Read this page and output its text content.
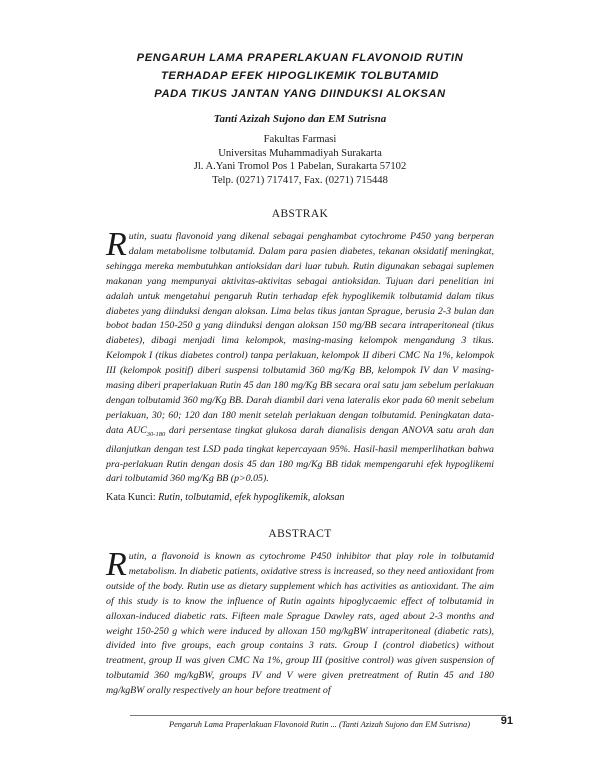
PENGARUH LAMA PRAPERLAKUAN FLAVONOID RUTIN
TERHADAP EFEK HIPOGLIKEMIK TOLBUTAMID
PADA TIKUS JANTAN YANG DIINDUKSI ALOKSAN
Tanti Azizah Sujono dan EM Sutrisna
Fakultas Farmasi
Universitas Muhammadiyah Surakarta
Jl. A.Yani Tromol Pos 1 Pabelan, Surakarta 57102
Telp. (0271) 717417, Fax. (0271) 715448
ABSTRAK

Rutin, suatu flavonoid yang dikenal sebagai penghambat cytochrome P450 yang berperan dalam metabolisme tolbutamid. Dalam para pasien diabetes, tekanan oksidatif meningkat, sehingga mereka membutuhkan antioksidan dari luar tubuh. Rutin digunakan sebagai suplemen makanan yang mempunyai aktivitas-aktivitas sebagai antioksidan. Tujuan dari penelitian ini adalah untuk mengetahui pengaruh Rutin terhadap efek hypoglikemik tolbutamid dalam tikus diabetes yang diinduksi dengan aloksan. Lima belas tikus jantan Sprague, berusia 2-3 bulan dan bobot badan 150-250 g yang diinduksi dengan aloksan 150 mg/BB secara intraperitoneal (tikus diabetes), dibagi menjadi lima kelompok, masing-masing kelompok mengandung 3 tikus. Kelompok I (tikus diabetes control) tanpa perlakuan, kelompok II diberi CMC Na 1%, kelompok III (kelompok positif) diberi suspensi tolbutamid 360 mg/Kg BB, kelompok IV dan V masing-masing diberi praperlakuan Rutin 45 dan 180 mg/Kg BB secara oral satu jam sebelum perlakuan dengan tolbutamid 360 mg/Kg BB. Darah diambil dari vena lateralis ekor pada 60 menit sebelum perlakuan, 30; 60; 120 dan 180 menit setelah perlakuan dengan tolbutamid. Peningkatan data-data $AUC_{30-180}$ dari persentase tingkat glukosa darah dianalisis dengan ANOVA satu arah dan dilanjutkan dengan test LSD pada tingkat kepercayaan 95%. Hasil-hasil memperlihatkan bahwa pra-perlakuan Rutin dengan dosis 45 dan 180 mg/Kg BB tidak mempengaruhi efek hypoglikemi dari tolbutamid 360 mg/Kg BB (p>0.05).

Kata Kunci: Rutin, tolbutamid, efek hypoglikemik, aloksan
ABSTRACT

Rutin, a flavonoid is known as cytochrome P450 inhibitor that play role in tolbutamid metabolism. In diabetic patients, oxidative stress is increased, so they need antioxidant from outside of the body. Rutin use as dietary supplement which has activities as antioxidant. The aim of this study is to know the influence of Rutin againts hipoglycaemic effect of tolbutamid in alloxan-induced diabetic rats. Fifteen male Sprague Dawley rats, aged about 2-3 months and weight 150-250 g which were induced by alloxan 150 mg/kgBW intraperitoneal (diabetic rats), divided into five groups, each group contains 3 rats. Group I (control diabetics) without treatment, group II was given CMC Na 1%, group III (positive control) was given suspension of tolbutamid 360 mg/kgBW, groups IV and V were given pretreatment of Rutin 45 and 180 mg/kgBW orally respectively an hour before treatment of

Pengaruh Lama Praperlakuan Flavonoid Rutin ... (Tanti Azizah Sujono dan EM Sutrisna)	91
